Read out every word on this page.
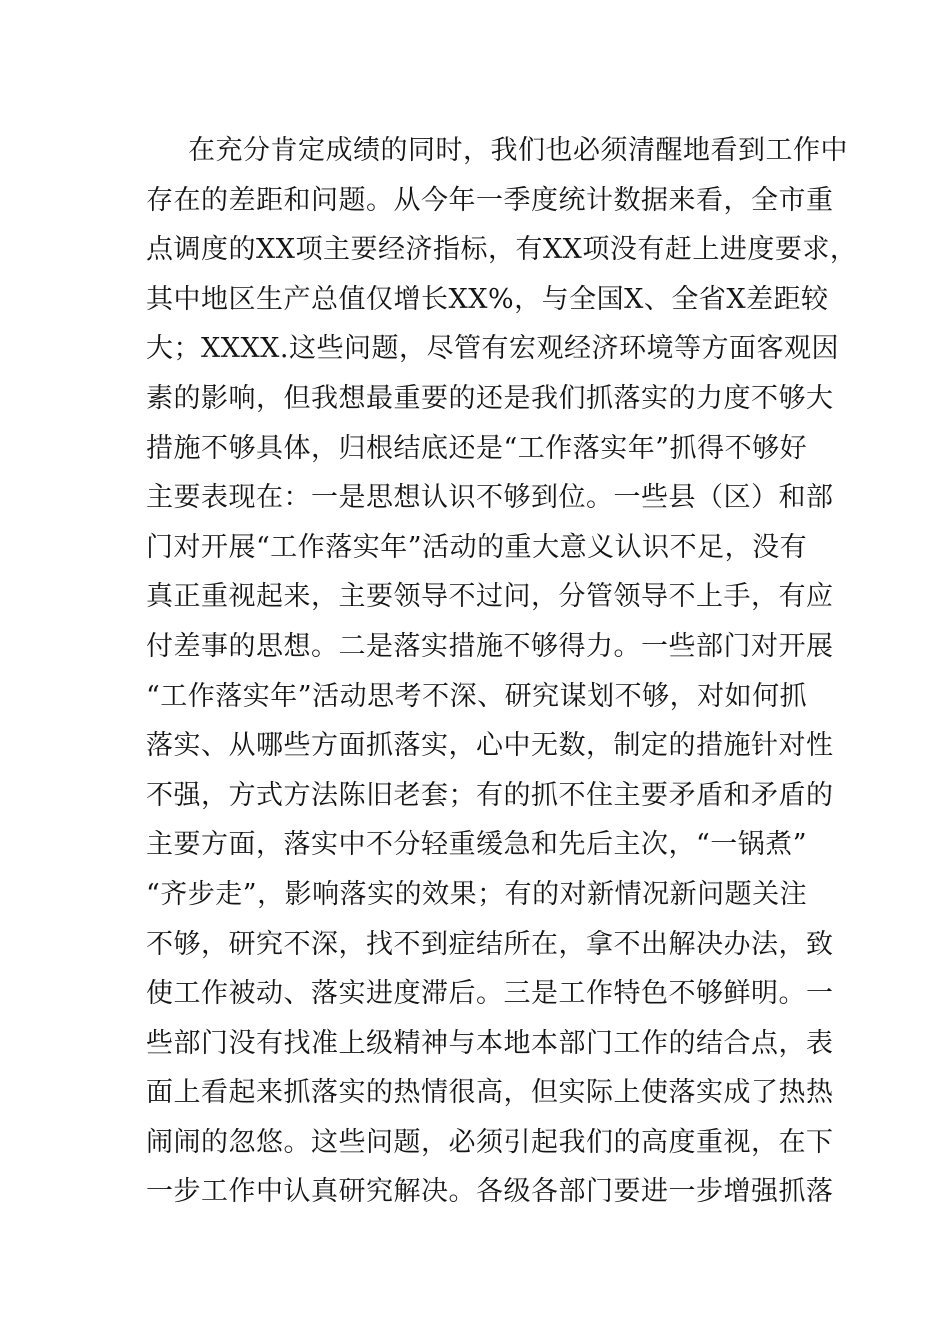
在充分肯定成绩的同时，我们也必须清醒地看到工作中
存在的差距和问题。从今年一季度统计数据来看，全市重
点调度的XX项主要经济指标，有XX项没有赶上进度要求，
其中地区生产总值仅增长XX%，与全国X、全省X差距较
大；XXXX.这些问题，尽管有宏观经济环境等方面客观因
素的影响，但我想最重要的还是我们抓落实的力度不够大
措施不够具体，归根结底还是“工作落实年”抓得不够好
主要表现在：一是思想认识不够到位。一些县（区）和部
门对开展“工作落实年”活动的重大意义认识不足，没有
真正重视起来，主要领导不过问，分管领导不上手，有应
付差事的思想。二是落实措施不够得力。一些部门对开展
“工作落实年”活动思考不深、研究谋划不够，对如何抓
落实、从哪些方面抓落实，心中无数，制定的措施针对性
不强，方式方法陈旧老套；有的抓不住主要矛盾和矛盾的
主要方面，落实中不分轻重缓急和先后主次，“一锅煮”
“齐步走”，影响落实的效果；有的对新情况新问题关注
不够，研究不深，找不到症结所在，拿不出解决办法，致
使工作被动、落实进度滞后。三是工作特色不够鲜明。一
些部门没有找准上级精神与本地本部门工作的结合点，表
面上看起来抓落实的热情很高，但实际上使落实成了热热
闹闹的忽悠。这些问题，必须引起我们的高度重视，在下
一步工作中认真研究解决。各级各部门要进一步增强抓落
